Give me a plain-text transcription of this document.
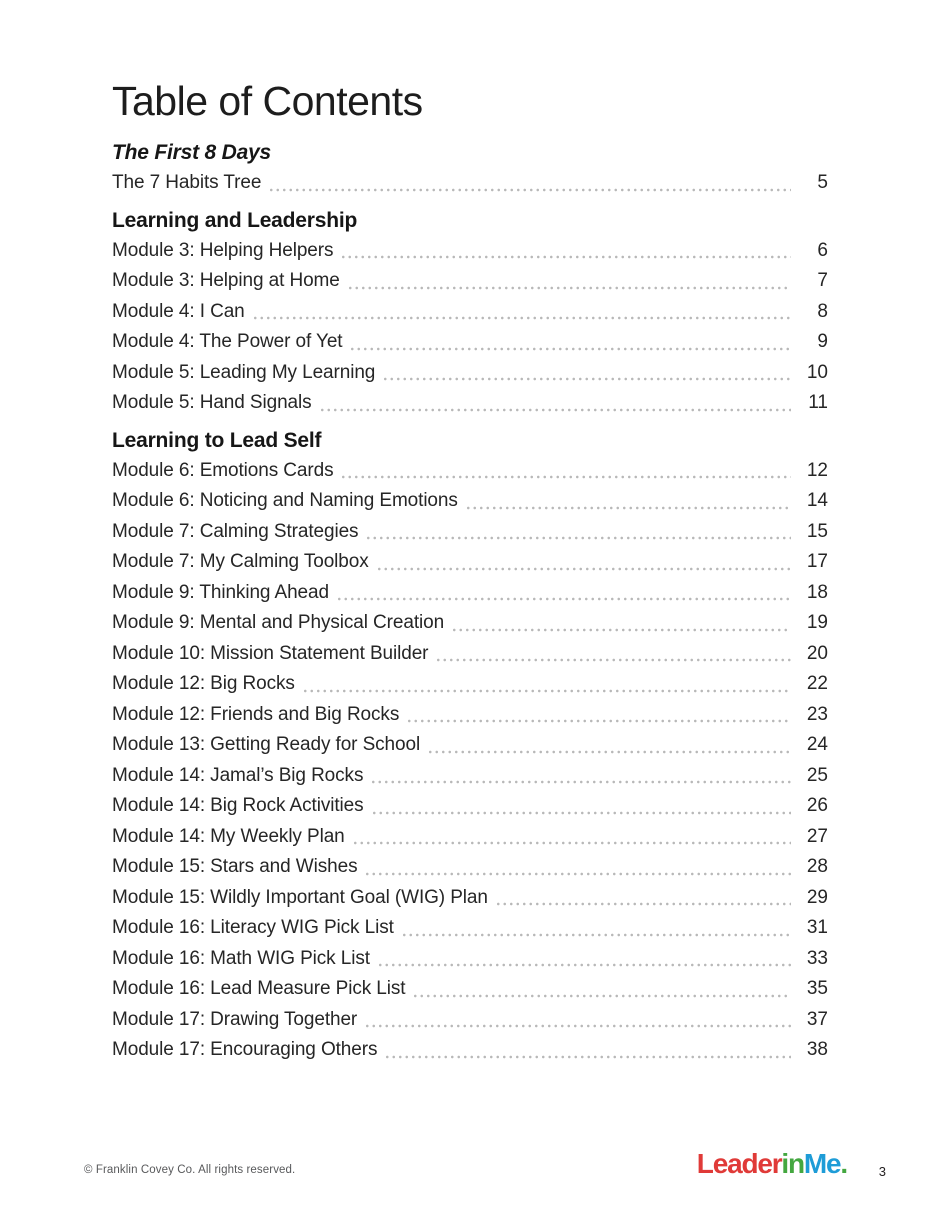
Table of Contents
The First 8 Days
The 7 Habits Tree	5
Learning and Leadership
Module 3: Helping Helpers	6
Module 3: Helping at Home	7
Module 4: I Can	8
Module 4: The Power of Yet	9
Module 5: Leading My Learning	10
Module 5: Hand Signals	11
Learning to Lead Self
Module 6: Emotions Cards	12
Module 6: Noticing and Naming Emotions	14
Module 7: Calming Strategies	15
Module 7: My Calming Toolbox	17
Module 9: Thinking Ahead	18
Module 9: Mental and Physical Creation	19
Module 10: Mission Statement Builder	20
Module 12: Big Rocks	22
Module 12: Friends and Big Rocks	23
Module 13: Getting Ready for School	24
Module 14: Jamal’s Big Rocks	25
Module 14: Big Rock Activities	26
Module 14: My Weekly Plan	27
Module 15: Stars and Wishes	28
Module 15: Wildly Important Goal (WIG) Plan	29
Module 16: Literacy WIG Pick List	31
Module 16: Math WIG Pick List	33
Module 16: Lead Measure Pick List	35
Module 17: Drawing Together	37
Module 17: Encouraging Others	38
© Franklin Covey Co. All rights reserved.	LeaderinMe. 3
